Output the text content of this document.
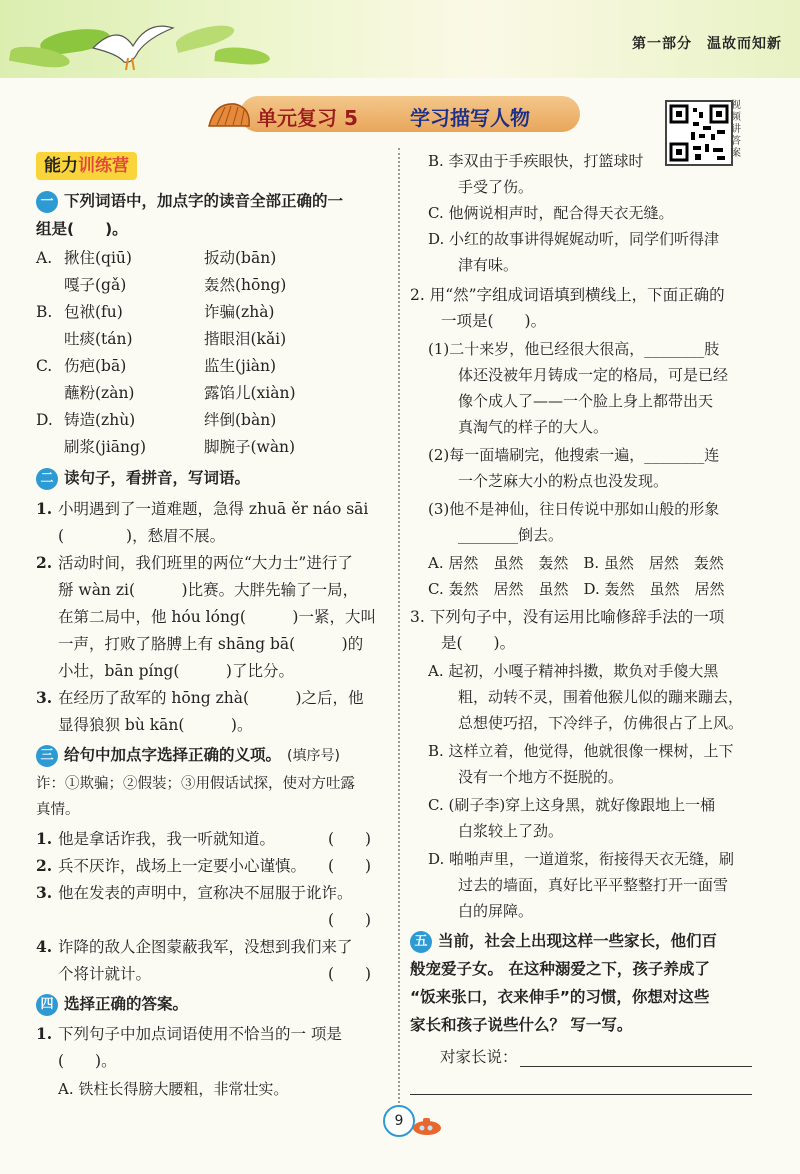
第一部分　温故而知新
单元复习 5	学习描写人物
视频讲答案
能力训练营
一 下列词语中，加点字的读音全部正确的一
组是(　　)。
A. 揪住(qiū)	扳动(bān)
嘎子(gǎ)	轰然(hōng)
B. 包袱(fu)	诈骗(zhà)
吐痰(tán)	揩眼泪(kǎi)
C. 伤疤(bā)	监生(jiàn)
蘸粉(zàn)	露馅儿(xiàn)
D. 铸造(zhù)	绊倒(bàn)
刷浆(jiāng)	脚腕子(wàn)
二 读句子，看拼音，写词语。
1. 小明遇到了一道难题，急得 zhuā ěr náo sāi
(　　　　)，愁眉不展。
2. 活动时间，我们班里的两位“大力士”进行了
掰 wàn zi(　　　)比赛。大胖先输了一局，
在第二局中，他 hóu lóng(　　　)一紧，大叫
一声，打败了胳膊上有 shāng bā(　　　)的
小壮，bān píng(　　　)了比分。
3. 在经历了敌军的 hōng zhà(　　　)之后，他
显得狼狈 bù kān(　　　)。
三 给句中加点字选择正确的义项。 (填序号)
诈：①欺骗；②假装；③用假话试探，使对方吐露
真情。
1. 他是拿话诈我，我一听就知道。	(　　)
2. 兵不厌诈，战场上一定要小心谨慎。 (　　)
3. 他在发表的声明中，宣称决不屈服于讹诈。
(　　)
4. 诈降的敌人企图蒙蔽我军，没想到我们来了
个将计就计。	(　　)
四 选择正确的答案。
1. 下列句子中加点词语使用不恰当的一 项是
(　　)。
A. 铁柱长得膀大腰粗，非常壮实。
B. 李双由于手疾眼快，打篮球时
　　手受了伤。
C. 他俩说相声时，配合得天衣无缝。
D. 小红的故事讲得娓娓动听，同学们听得津
　　津有味。
2. 用“然”字组成词语填到横线上，下面正确的
　　一项是(　　)。
(1)二十来岁，他已经很大很高，________肢
　　体还没被年月铸成一定的格局，可是已经
　　像个成人了——一个脸上身上都带出天
　　真淘气的样子的大人。
(2)每一面墙刷完，他搜索一遍，________连
　　一个芝麻大小的粉点也没发现。
(3)他不是神仙，往日传说中那如山般的形象
　　________倒去。
A. 居然　虽然　轰然　B. 虽然　居然　轰然
C. 轰然　居然　虽然　D. 轰然　虽然　居然
3. 下列句子中，没有运用比喻修辞手法的一项
　　是(　　)。
A. 起初，小嘎子精神抖擞，欺负对手傻大黑
　　粗，动转不灵，围着他猴儿似的蹦来蹦去，
　　总想使巧招，下冷绊子，仿佛很占了上风。
B. 这样立着，他觉得，他就很像一棵树，上下
　　没有一个地方不挺脱的。
C. (刷子李)穿上这身黑，就好像跟地上一桶
　　白浆较上了劲。
D. 啪啪声里，一道道浆，衔接得天衣无缝，刷
　　过去的墙面，真好比平平整整打开一面雪
　　白的屏障。
五 当前，社会上出现这样一些家长，他们百
般宠爱子女。 在这种溺爱之下，孩子养成了
“饭来张口，衣来伸手”的习惯，你想对这些
家长和孩子说些什么？ 写一写。
对家长说：
9
